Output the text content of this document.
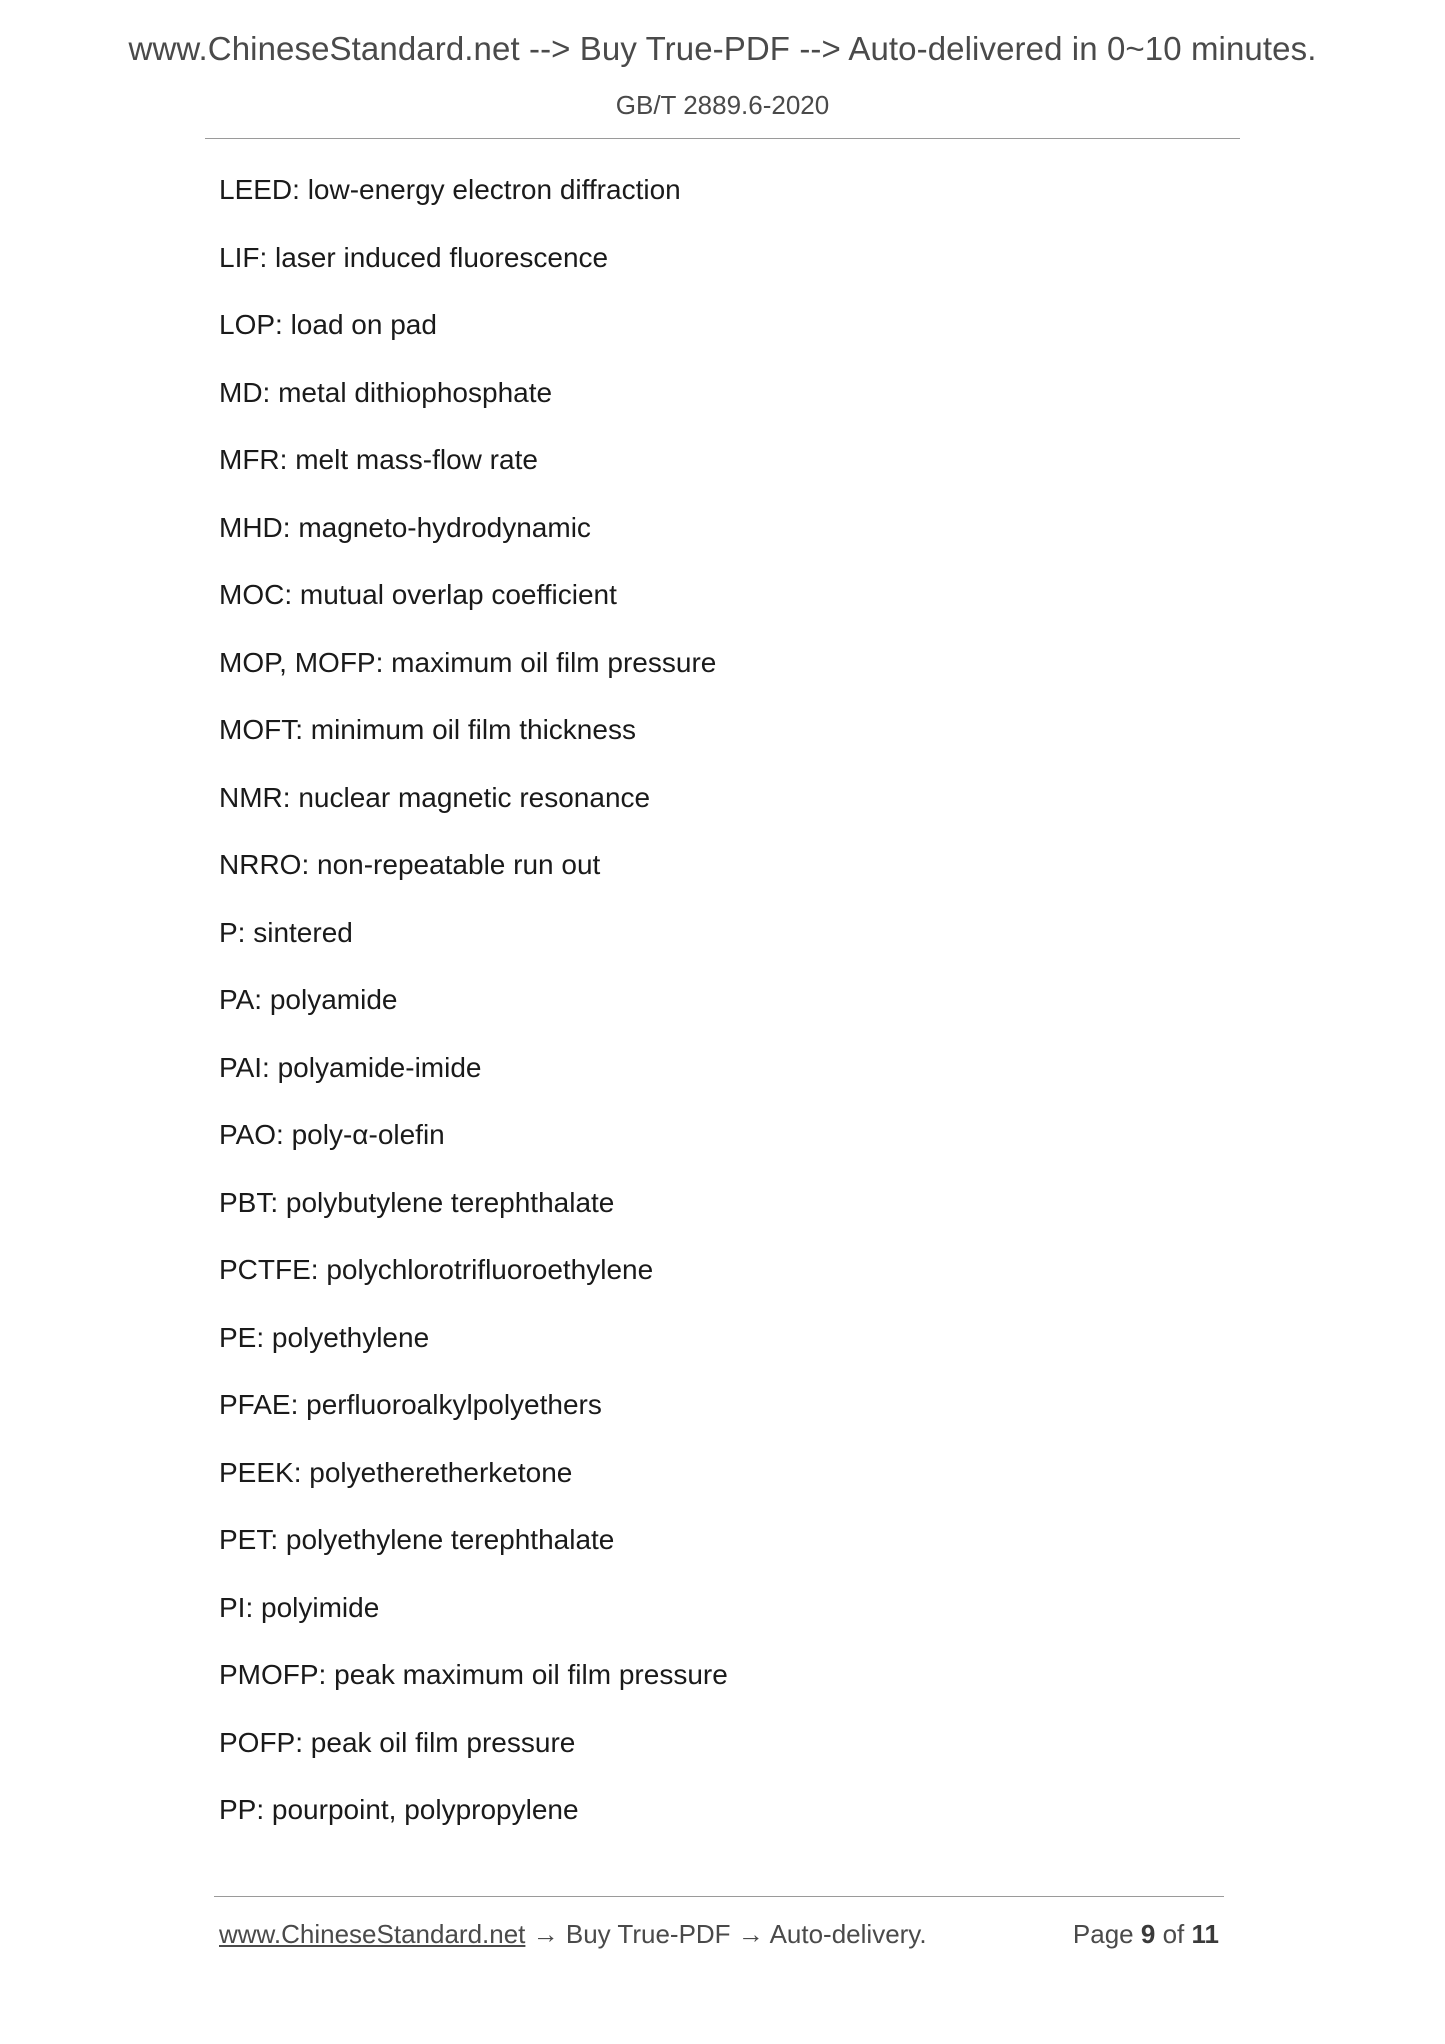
www.ChineseStandard.net --> Buy True-PDF --> Auto-delivered in 0~10 minutes.
GB/T 2889.6-2020
LEED: low-energy electron diffraction
LIF: laser induced fluorescence
LOP: load on pad
MD: metal dithiophosphate
MFR: melt mass-flow rate
MHD: magneto-hydrodynamic
MOC: mutual overlap coefficient
MOP, MOFP: maximum oil film pressure
MOFT: minimum oil film thickness
NMR: nuclear magnetic resonance
NRRO: non-repeatable run out
P: sintered
PA: polyamide
PAI: polyamide-imide
PAO: poly-α-olefin
PBT: polybutylene terephthalate
PCTFE: polychlorotrifluoroethylene
PE: polyethylene
PFAE: perfluoroalkylpolyethers
PEEK: polyetheretherketone
PET: polyethylene terephthalate
PI: polyimide
PMOFP: peak maximum oil film pressure
POFP: peak oil film pressure
PP: pourpoint, polypropylene
www.ChineseStandard.net → Buy True-PDF → Auto-delivery.	Page 9 of 11
